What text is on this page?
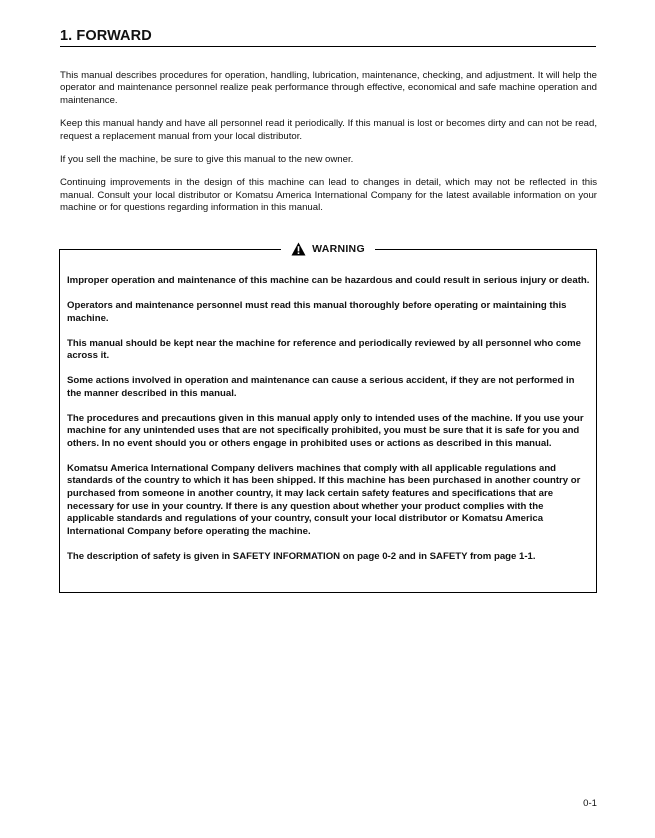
1. FORWARD

This manual describes procedures for operation, handling, lubrication, maintenance, checking, and adjustment. It will help the operator and maintenance personnel realize peak performance through effective, economical and safe machine operation and maintenance.

Keep this manual handy and have all personnel read it periodically. If this manual is lost or becomes dirty and can not be read, request a replacement manual from your local distributor.

If you sell the machine, be sure to give this manual to the new owner.

Continuing improvements in the design of this machine can lead to changes in detail, which may not be reflected in this manual. Consult your local distributor or Komatsu America International Company for the latest available information on your machine or for questions regarding information in this manual.

WARNING

Improper operation and maintenance of this machine can be hazardous and could result in serious injury or death.

Operators and maintenance personnel must read this manual thoroughly before operating or maintaining this machine.

This manual should be kept near the machine for reference and periodically reviewed by all personnel who come across it.

Some actions involved in operation and maintenance can cause a serious accident, if they are not performed in the manner described in this manual.

The procedures and precautions given in this manual apply only to intended uses of the machine. If you use your machine for any unintended uses that are not specifically prohibited, you must be sure that it is safe for you and others. In no event should you or others engage in prohibited uses or actions as described in this manual.

Komatsu America International Company delivers machines that comply with all applicable regulations and standards of the country to which it has been shipped. If this machine has been purchased in another country or purchased from someone in another country, it may lack certain safety features and specifications that are necessary for use in your country. If there is any question about whether your product complies with the applicable standards and regulations of your country, consult your local distributor or Komatsu America International Company before operating the machine.

The description of safety is given in SAFETY INFORMATION on page 0-2 and in SAFETY from page 1-1.

0-1
